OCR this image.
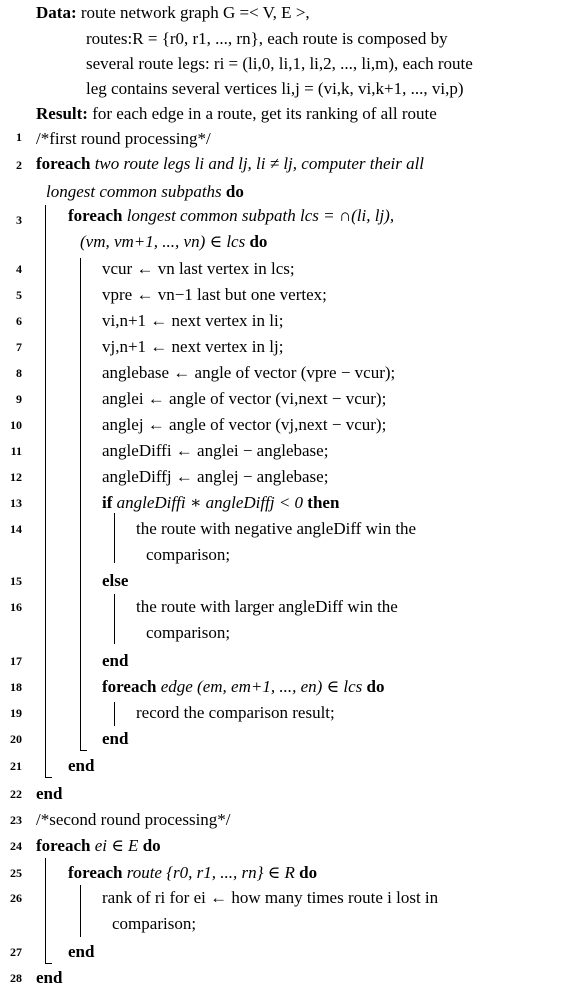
Data: route network graph G =< V, E >,
routes:R = {r0, r1, ..., rn}, each route is composed by
several route legs: ri = (li,0, li,1, li,2, ..., li,m), each route
leg contains several vertices li,j = (vi,k, vi,k+1, ..., vi,p)
Result: for each edge in a route, get its ranking of all route
1 /*first round processing*/
2 foreach two route legs li and lj, li ≠ lj, computer their all
longest common subpaths do
3	foreach longest common subpath lcs = ∩(li, lj),
(vm, vm+1, ..., vn) ∈ lcs do
4	vcur ← vn last vertex in lcs;
5	vpre ← vn−1 last but one vertex;
6	vi,n+1 ← next vertex in li;
7	vj,n+1 ← next vertex in lj;
8	anglebase ← angle of vector (vpre − vcur);
9	anglei ← angle of vector (vi,next − vcur);
10	anglej ← angle of vector (vj,next − vcur);
11	angleDiffi ← anglei − anglebase;
12	angleDiffj ← anglej − anglebase;
13	if angleDiffi ∗ angleDiffj < 0 then
14	the route with negative angleDiff win the
comparison;
15	else
16	the route with larger angleDiff win the
comparison;
17	end
18	foreach edge (em, em+1, ..., en) ∈ lcs do
19	record the comparison result;
20	end
21	end
22 end
23 /*second round processing*/
24 foreach ei ∈ E do
25	foreach route {r0, r1, ..., rn} ∈ R do
26	rank of ri for ei ← how many times route i lost in
comparison;
27	end
28 end
